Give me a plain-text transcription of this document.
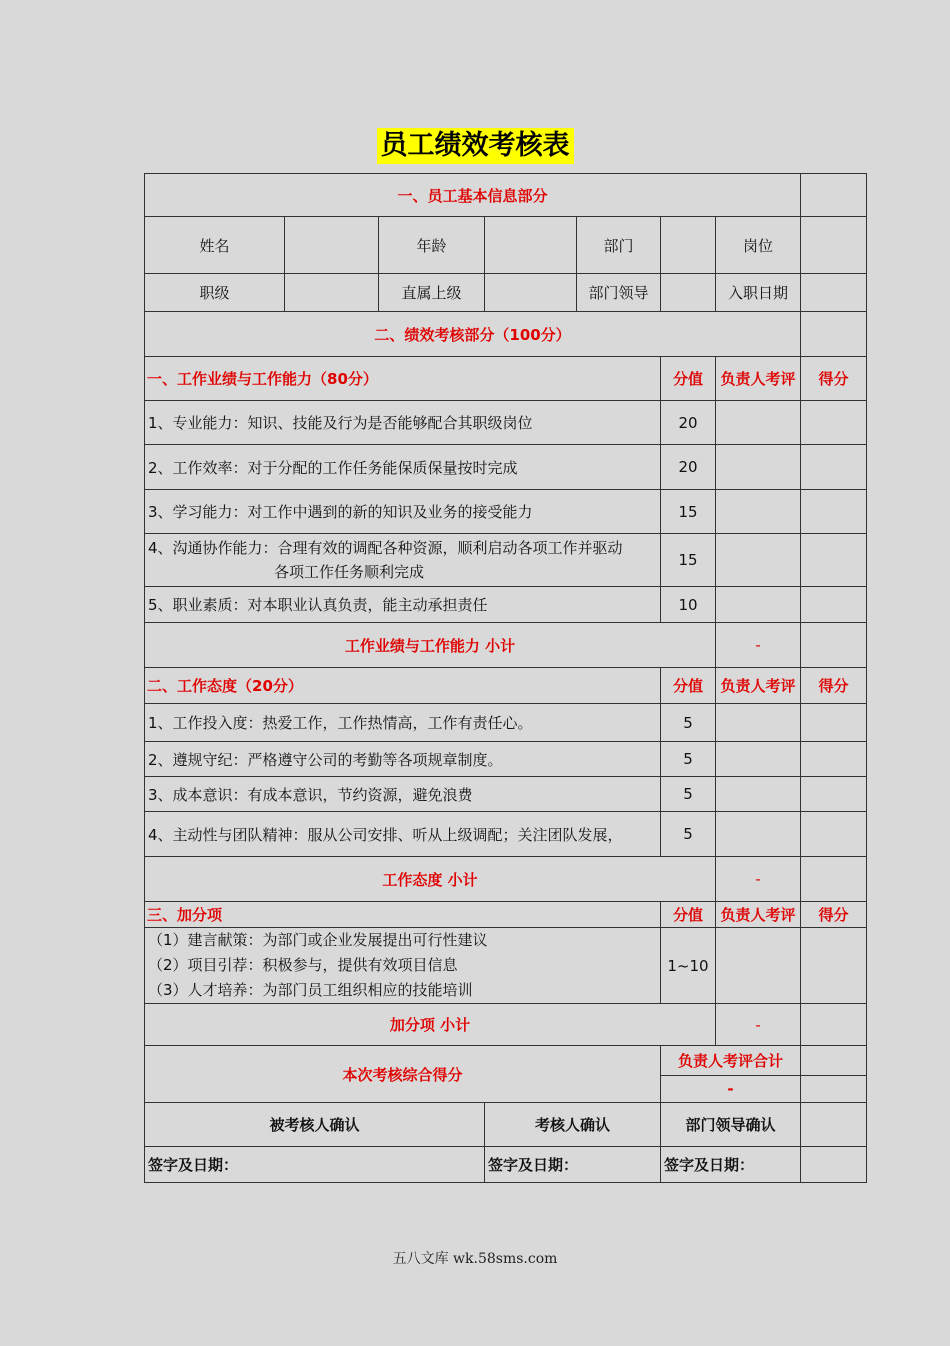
员工绩效考核表
一、员工基本信息部分							
姓名		年龄		部门		岗位	
职级		直属上级		部门领导		入职日期	
二、绩效考核部分（100分）							
一、工作业绩与工作能力（80分）					分值	负责人考评	得分
1、专业能力：知识、技能及行为是否能够配合其职级岗位					20		
2、工作效率：对于分配的工作任务能保质保量按时完成					20		
3、学习能力：对工作中遇到的新的知识及业务的接受能力					15		

4、沟通协作能力：合理有效的调配各种资源，顺利启动各项工作并驱动
各项工作任务顺利完成					15		
5、职业素质：对本职业认真负责，能主动承担责任					10		
工作业绩与工作能力 小计						-	
二、工作态度（20分）					分值	负责人考评	得分
1、工作投入度：热爱工作，工作热情高，工作有责任心。					5		
2、遵规守纪：严格遵守公司的考勤等各项规章制度。					5		
3、成本意识：有成本意识，节约资源，避免浪费					5		
4、主动性与团队精神：服从公司安排、听从上级调配；关注团队发展，					5		
工作态度 小计						-	
三、加分项					分值	负责人考评	得分

（1）建言献策：为部门或企业发展提出可行性建议
（2）项目引荐：积极参与，提供有效项目信息
（3）人才培养：为部门员工组织相应的技能培训					1~10		
加分项 小计						-	
本次考核综合得分					负责人考评合计		
					-		
被考核人确认			考核人确认		部门领导确认		
签字及日期：			签字及日期：		签字及日期：		
五八文库 wk.58sms.com
